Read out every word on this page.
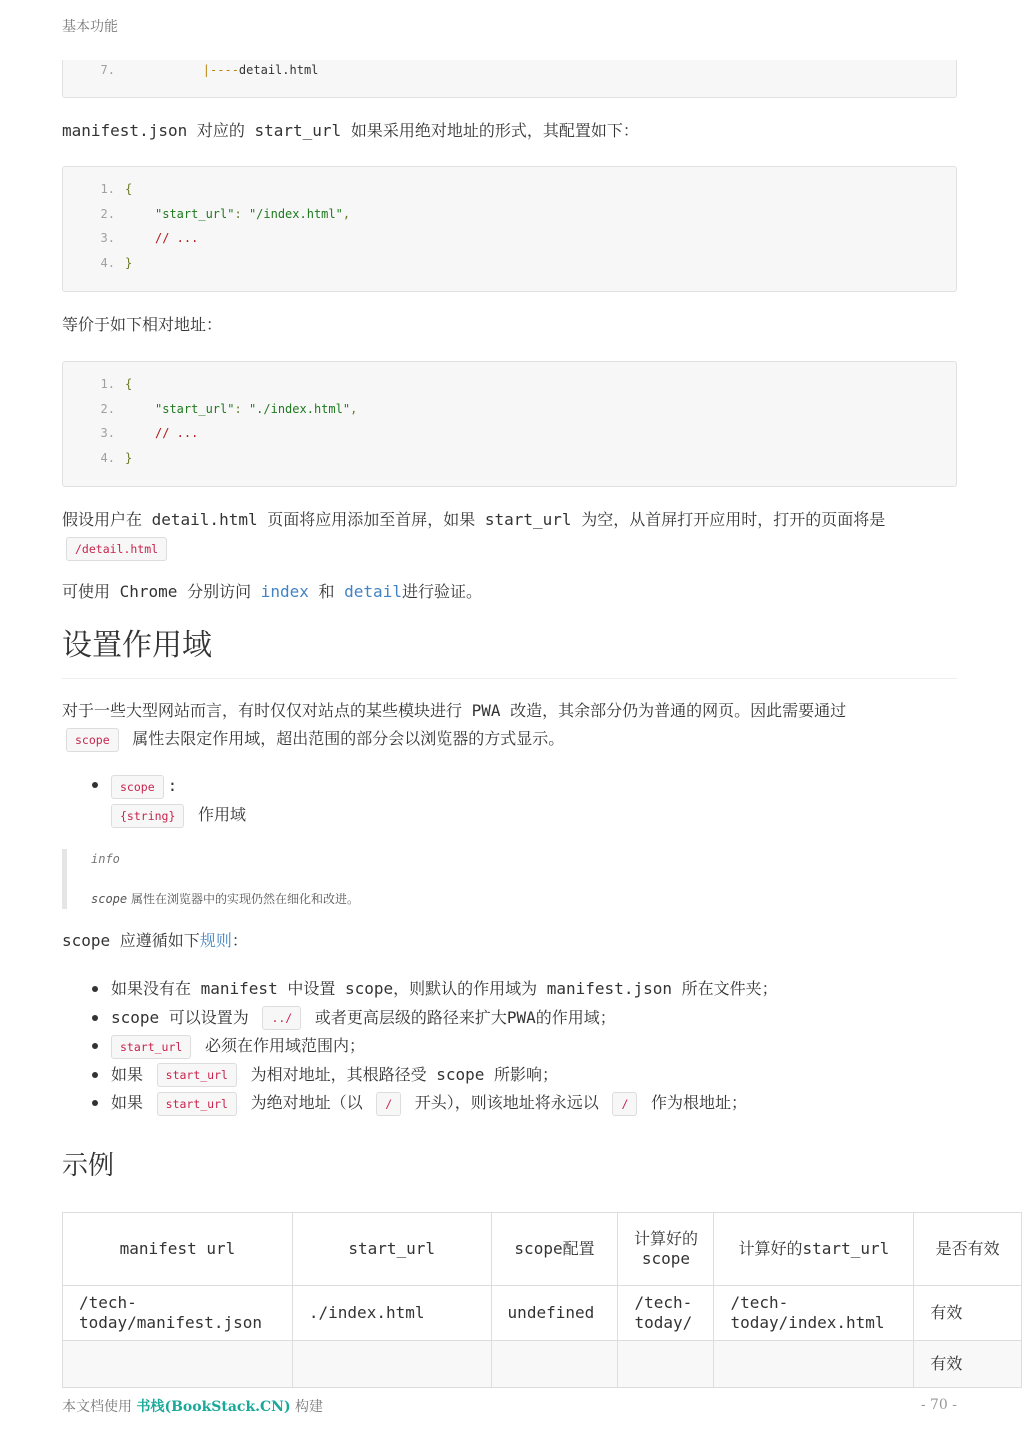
基本功能
7.	|----detail.html

manifest.json 对应的 start_url 如果采用绝对地址的形式，其配置如下：

1. {
2.	"start_url": "/index.html",
3.	// ...
4. }

等价于如下相对地址：

1. {
2.	"start_url": "./index.html",
3.	// ...
4. }

假设用户在 detail.html 页面将应用添加至首屏，如果 start_url 为空，从首屏打开应用时，打开的页面将是
/detail.html

可使用 Chrome 分别访问 index 和 detail进行验证。

设置作用域

对于一些大型网站而言，有时仅仅对站点的某些模块进行 PWA 改造，其余部分仍为普通的网页。因此需要通过
scope 属性去限定作用域，超出范围的部分会以浏览器的方式显示。

scope :
{string} 作用域
info
scope 属性在浏览器中的实现仍然在细化和改进。

scope 应遵循如下规则：

如果没有在 manifest 中设置 scope，则默认的作用域为 manifest.json 所在文件夹；
scope 可以设置为 ../ 或者更高层级的路径来扩大PWA的作用域；
start_url 必须在作用域范围内；
如果 start_url 为相对地址，其根路径受 scope 所影响；
如果 start_url 为绝对地址（以 / 开头），则该地址将永远以 / 作为根地址；
示例
manifest url	start_url	scope配置	计算好的scope	计算好的start_url	是否有效
/tech-today/manifest.json	./index.html	undefined	/tech-today/	/tech-today/index.html	有效
					有效
本文档使用 书栈(BookStack.CN) 构建	- 70 -
